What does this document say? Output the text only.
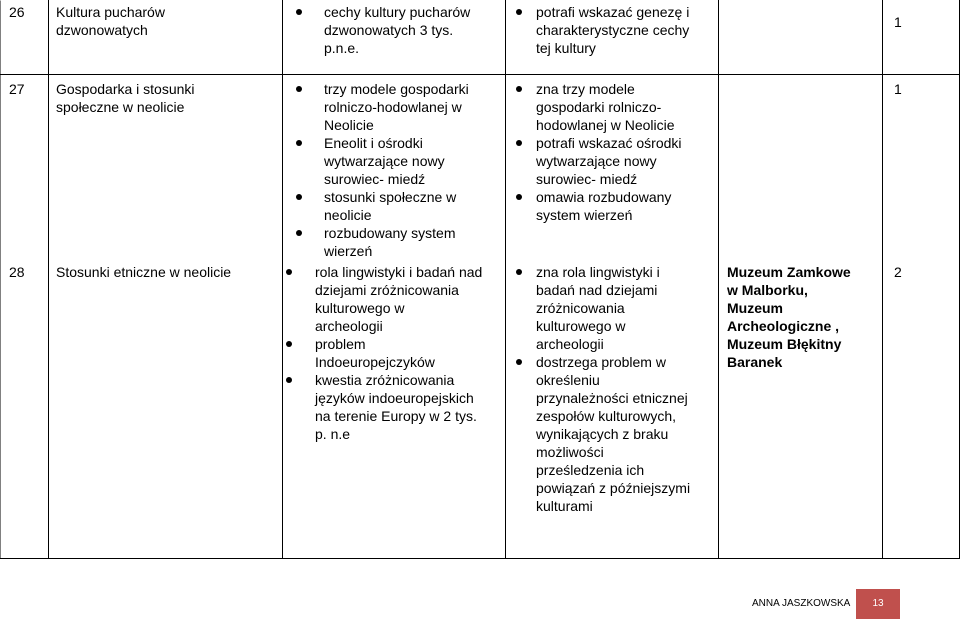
26 Kultura pucharów
dzwonowatych
cechy kultury pucharów
dzwonowatych 3 tys.
p.n.e.
potrafi wskazać genezę i
charakterystyczne cechy
tej kultury
1
27 Gospodarka i stosunki
społeczne w neolicie
trzy modele gospodarki
rolniczo-hodowlanej w
Neolicie
Eneolit i ośrodki
wytwarzające nowy
surowiec- miedź
stosunki społeczne w
neolicie
rozbudowany system
wierzeń
zna trzy modele
gospodarki rolniczo-
hodowlanej w Neolicie
potrafi wskazać ośrodki
wytwarzające nowy
surowiec- miedź
omawia rozbudowany
system wierzeń
1
28 Stosunki etniczne w neolicie	rola lingwistyki i badań nad
dziejami zróżnicowania
kulturowego w
archeologii
problem
Indoeuropejczyków
kwestia zróżnicowania
języków indoeuropejskich
na terenie Europy w 2 tys.
p. n.e
zna rola lingwistyki i
badań nad dziejami
zróżnicowania
kulturowego w
archeologii
dostrzega problem w
określeniu
przynależności etnicznej
zespołów kulturowych,
wynikających z braku
możliwości
prześledzenia ich
powiązań z późniejszymi
kulturami
Muzeum Zamkowe
w Malborku,
Muzeum
Archeologiczne ,
Muzeum Błękitny
Baranek
2
ANNA JASZKOWSKA	13
